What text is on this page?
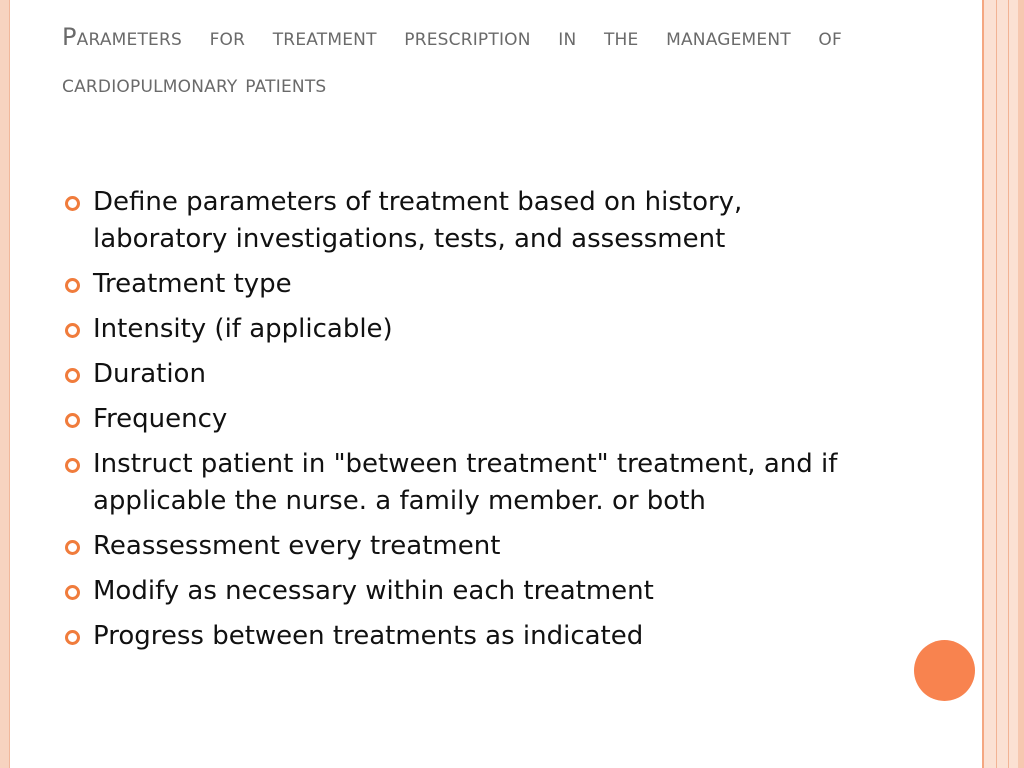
Parameters for treatment prescription in the management of cardiopulmonary patients
Define parameters of treatment based on history, laboratory investigations, tests, and assessment
Treatment type
Intensity (if applicable)
Duration
Frequency
Instruct patient in "between treatment" treatment, and if applicable the nurse. a family member. or both
Reassessment every treatment
Modify as necessary within each treatment
Progress between treatments as indicated
